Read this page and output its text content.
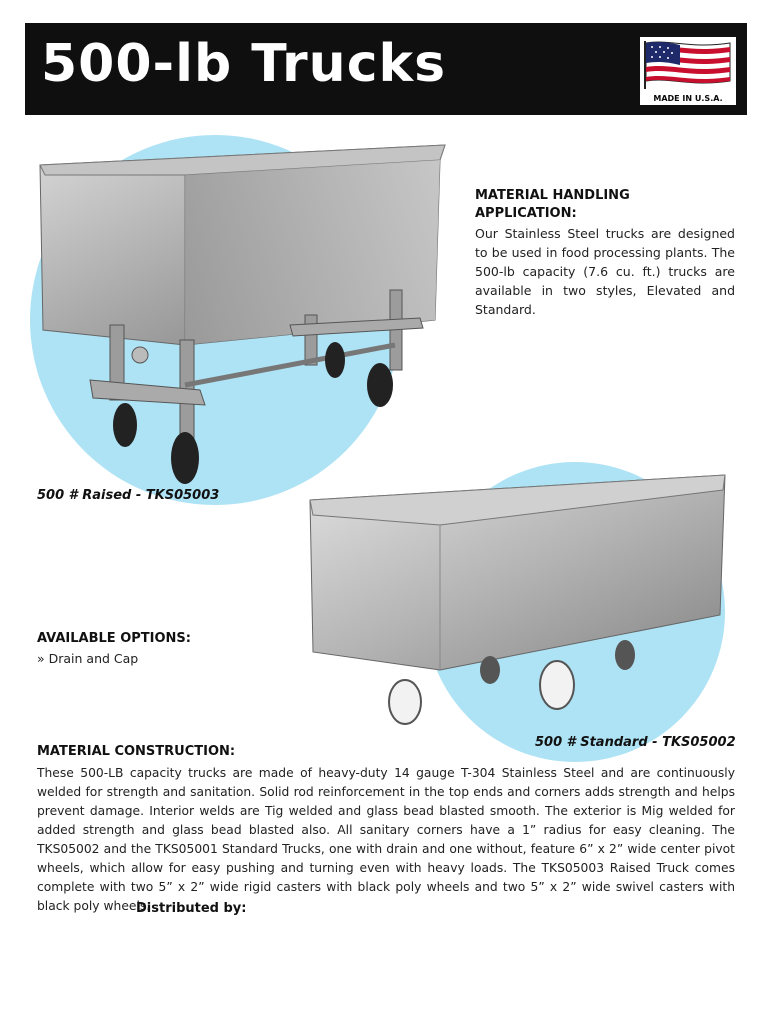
500-lb Trucks
MADE IN U.S.A.
500 # Raised - TKS05003
MATERIAL HANDLING
APPLICATION:
Our Stainless Steel trucks are designed to be used in food processing plants. The 500-lb capacity (7.6 cu. ft.) trucks are available in two styles, Elevated and Standard.
500 # Standard - TKS05002
AVAILABLE OPTIONS:
» Drain and Cap
MATERIAL CONSTRUCTION:
These 500-LB capacity trucks are made of heavy-duty 14 gauge T-304 Stainless Steel and are continuously welded for strength and sanitation. Solid rod reinforcement in the top ends and corners adds strength and helps prevent damage. Interior welds are Tig welded and glass bead blasted smooth. The exterior is Mig welded for added strength and glass bead blasted also. All sanitary corners have a 1” radius for easy cleaning. The TKS05002 and the TKS05001 Standard Trucks, one with drain and one without, feature 6” x 2” wide center pivot wheels, which allow for easy pushing and turning even with heavy loads. The TKS05003 Raised Truck comes complete with two 5” x 2” wide rigid casters with black poly wheels and two 5” x 2” wide swivel casters with black poly wheels.
Distributed by:
